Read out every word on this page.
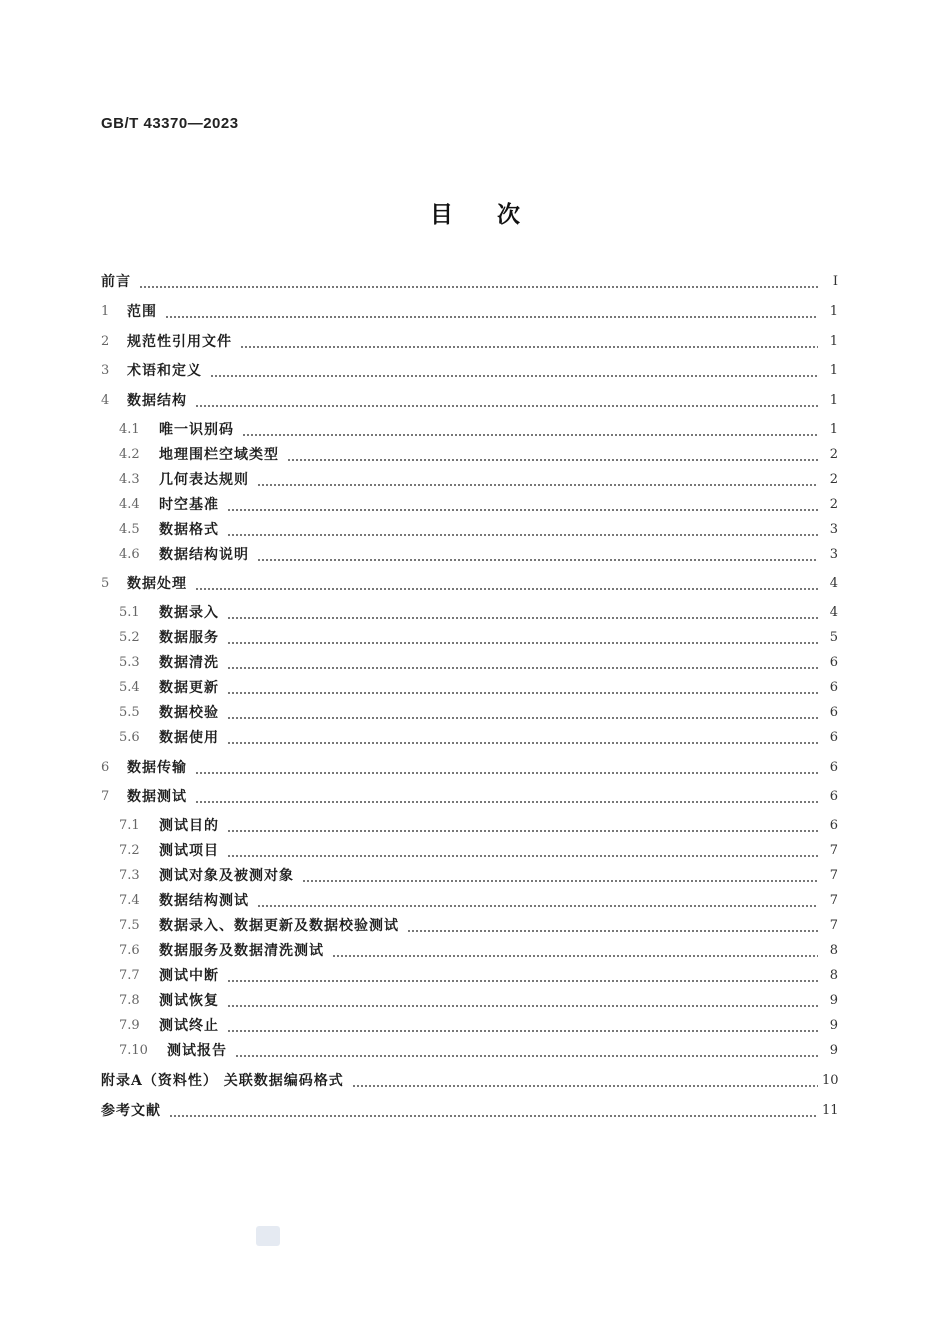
GB/T 43370—2023
目次
前言	Ⅰ
1	范围	1
2	规范性引用文件	1
3	术语和定义	1
4	数据结构	1
4.1	唯一识别码	1
4.2	地理围栏空域类型	2
4.3	几何表达规则	2
4.4	时空基准	2
4.5	数据格式	3
4.6	数据结构说明	3
5	数据处理	4
5.1	数据录入	4
5.2	数据服务	5
5.3	数据清洗	6
5.4	数据更新	6
5.5	数据校验	6
5.6	数据使用	6
6	数据传输	6
7	数据测试	6
7.1	测试目的	6
7.2	测试项目	7
7.3	测试对象及被测对象	7
7.4	数据结构测试	7
7.5	数据录入、数据更新及数据校验测试	7
7.6	数据服务及数据清洗测试	8
7.7	测试中断	8
7.8	测试恢复	9
7.9	测试终止	9
7.10	测试报告	9
附录A（资料性） 关联数据编码格式	10
参考文献	11
